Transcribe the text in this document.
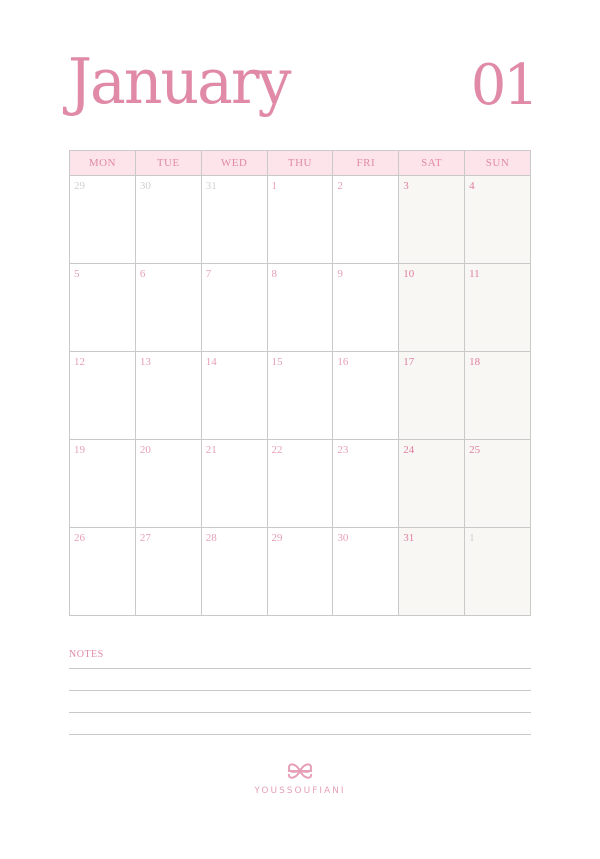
January	01
MON	TUE	WED	THU	FRI	SAT	SUN

29	30	31	1	2	3	4

5	6	7	8	9	10	11

12	13	14	15	16	17	18

19	20	21	22	23	24	25

26	27	28	29	30	31	1
NOTES
YOUSSOUFIANI
